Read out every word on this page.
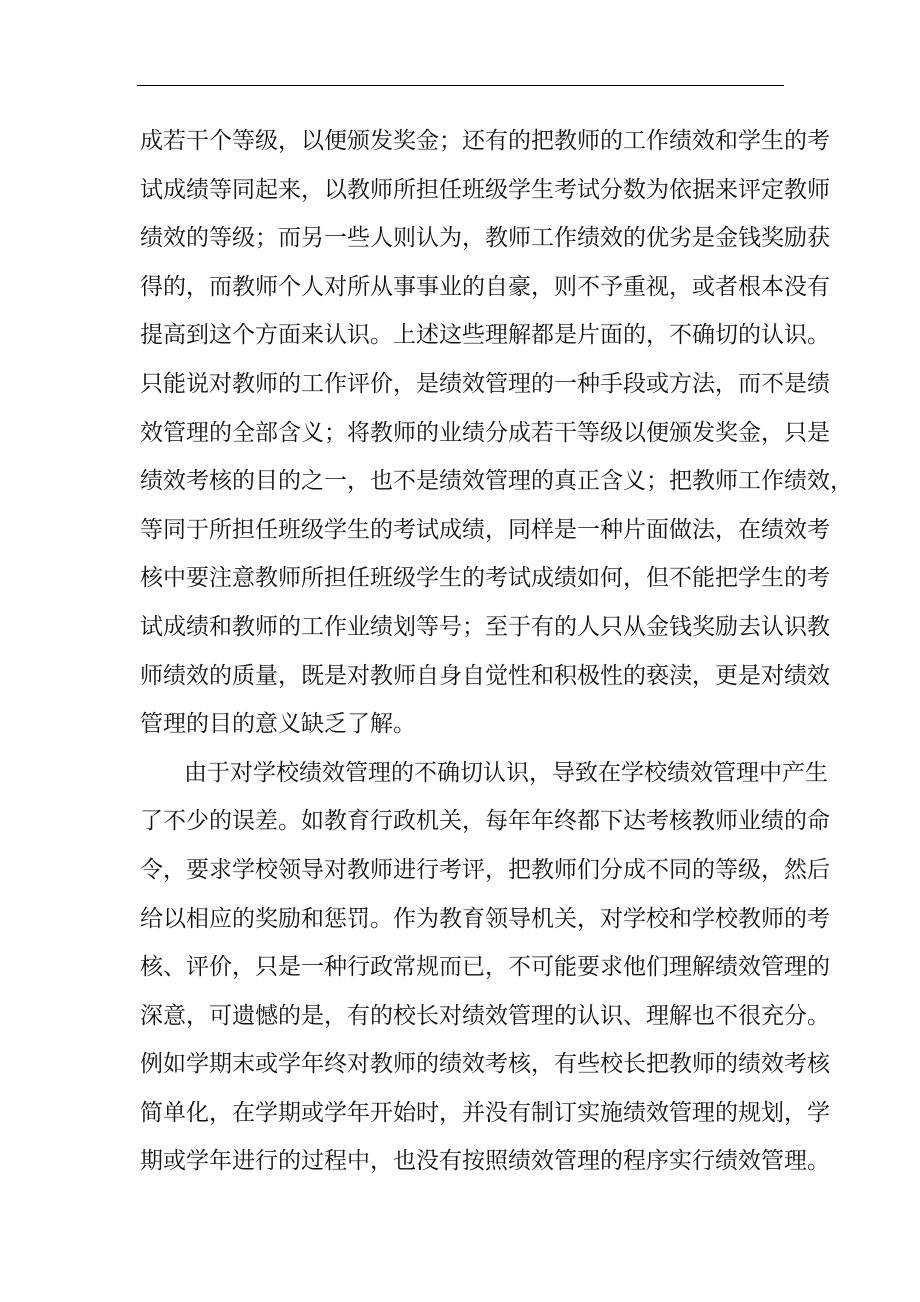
成若干个等级，以便颁发奖金；还有的把教师的工作绩效和学生的考
试成绩等同起来，以教师所担任班级学生考试分数为依据来评定教师
绩效的等级；而另一些人则认为，教师工作绩效的优劣是金钱奖励获
得的，而教师个人对所从事事业的自豪，则不予重视，或者根本没有
提高到这个方面来认识。上述这些理解都是片面的，不确切的认识。
只能说对教师的工作评价，是绩效管理的一种手段或方法，而不是绩
效管理的全部含义；将教师的业绩分成若干等级以便颁发奖金，只是
绩效考核的目的之一，也不是绩效管理的真正含义；把教师工作绩效，
等同于所担任班级学生的考试成绩，同样是一种片面做法，在绩效考
核中要注意教师所担任班级学生的考试成绩如何，但不能把学生的考
试成绩和教师的工作业绩划等号；至于有的人只从金钱奖励去认识教
师绩效的质量，既是对教师自身自觉性和积极性的亵渎，更是对绩效
管理的目的意义缺乏了解。
由于对学校绩效管理的不确切认识，导致在学校绩效管理中产生
了不少的误差。如教育行政机关，每年年终都下达考核教师业绩的命
令，要求学校领导对教师进行考评，把教师们分成不同的等级，然后
给以相应的奖励和惩罚。作为教育领导机关，对学校和学校教师的考
核、评价，只是一种行政常规而已，不可能要求他们理解绩效管理的
深意，可遗憾的是，有的校长对绩效管理的认识、理解也不很充分。
例如学期末或学年终对教师的绩效考核，有些校长把教师的绩效考核
简单化，在学期或学年开始时，并没有制订实施绩效管理的规划，学
期或学年进行的过程中，也没有按照绩效管理的程序实行绩效管理。
